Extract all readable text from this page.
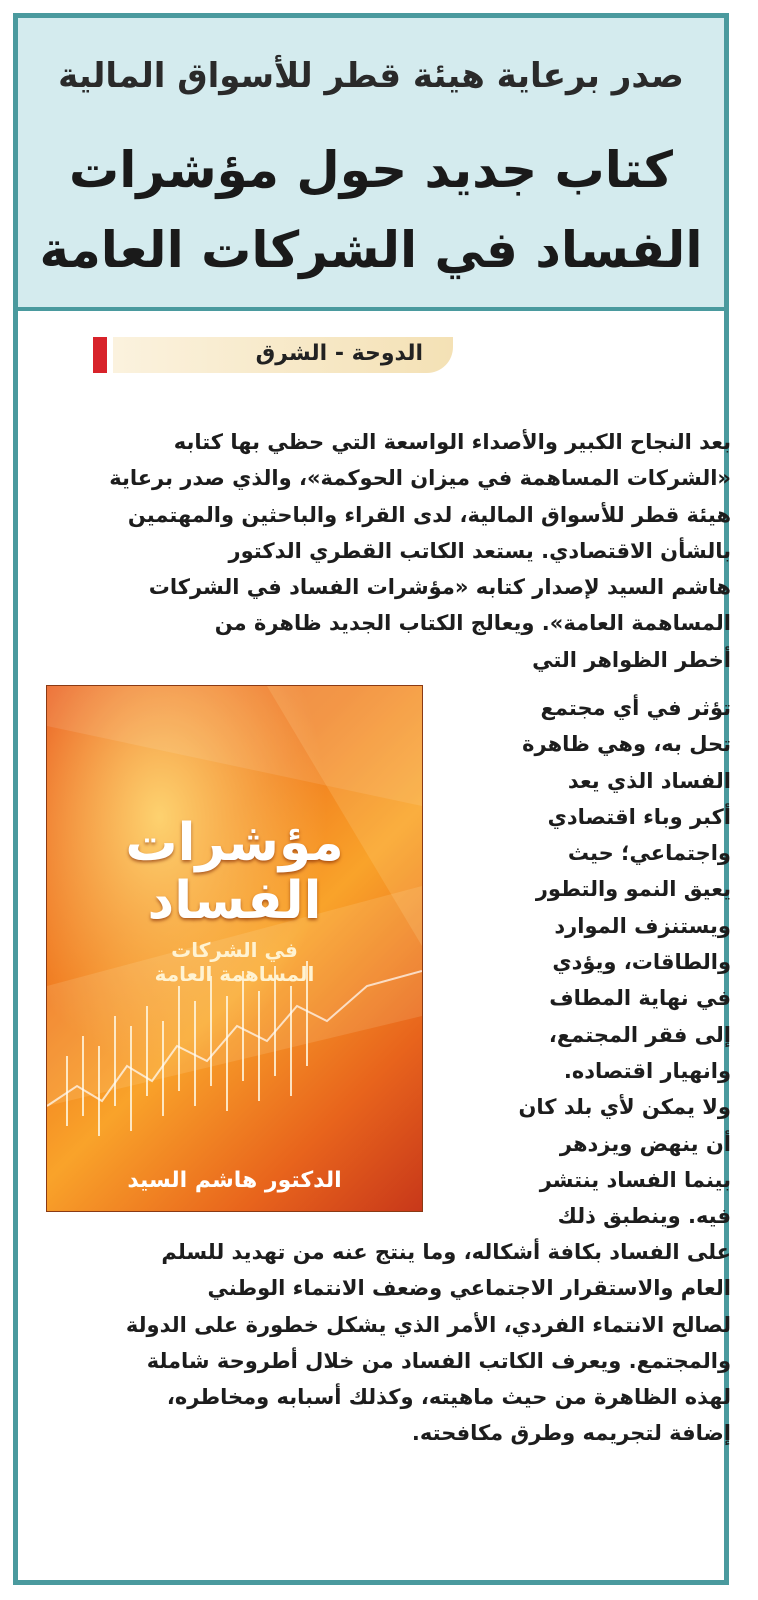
صدر برعاية هيئة قطر للأسواق المالية
كتاب جديد حول مؤشرات
الفساد في الشركات العامة
الدوحة - الشرق
بعد النجاح الكبير والأصداء الواسعة التي حظي بها كتابه
«الشركات المساهمة في ميزان الحوكمة»، والذي صدر برعاية
هيئة قطر للأسواق المالية، لدى القراء والباحثين والمهتمين
بالشأن الاقتصادي. يستعد الكاتب القطري الدكتور
هاشم السيد لإصدار كتابه «مؤشرات الفساد في الشركات
المساهمة العامة». ويعالج الكتاب الجديد ظاهرة من
أخطر الظواهر التي
تؤثر في أي مجتمع
تحل به، وهي ظاهرة
الفساد الذي يعد
أكبر وباء اقتصادي
واجتماعي؛ حيث
يعيق النمو والتطور
ويستنزف الموارد
والطاقات، ويؤدي
في نهاية المطاف
إلى فقر المجتمع،
وانهيار اقتصاده.
ولا يمكن لأي بلد كان
أن ينهض ويزدهر
بينما الفساد ينتشر
فيه. وينطبق ذلك
مؤشرات
الفساد
في الشركات
المساهمة العامة
الدكتور هاشم السيد
على الفساد بكافة أشكاله، وما ينتج عنه من تهديد للسلم
العام والاستقرار الاجتماعي وضعف الانتماء الوطني
لصالح الانتماء الفردي، الأمر الذي يشكل خطورة على الدولة
والمجتمع. ويعرف الكاتب الفساد من خلال أطروحة شاملة
لهذه الظاهرة من حيث ماهيته، وكذلك أسبابه ومخاطره،
إضافة لتجريمه وطرق مكافحته.
